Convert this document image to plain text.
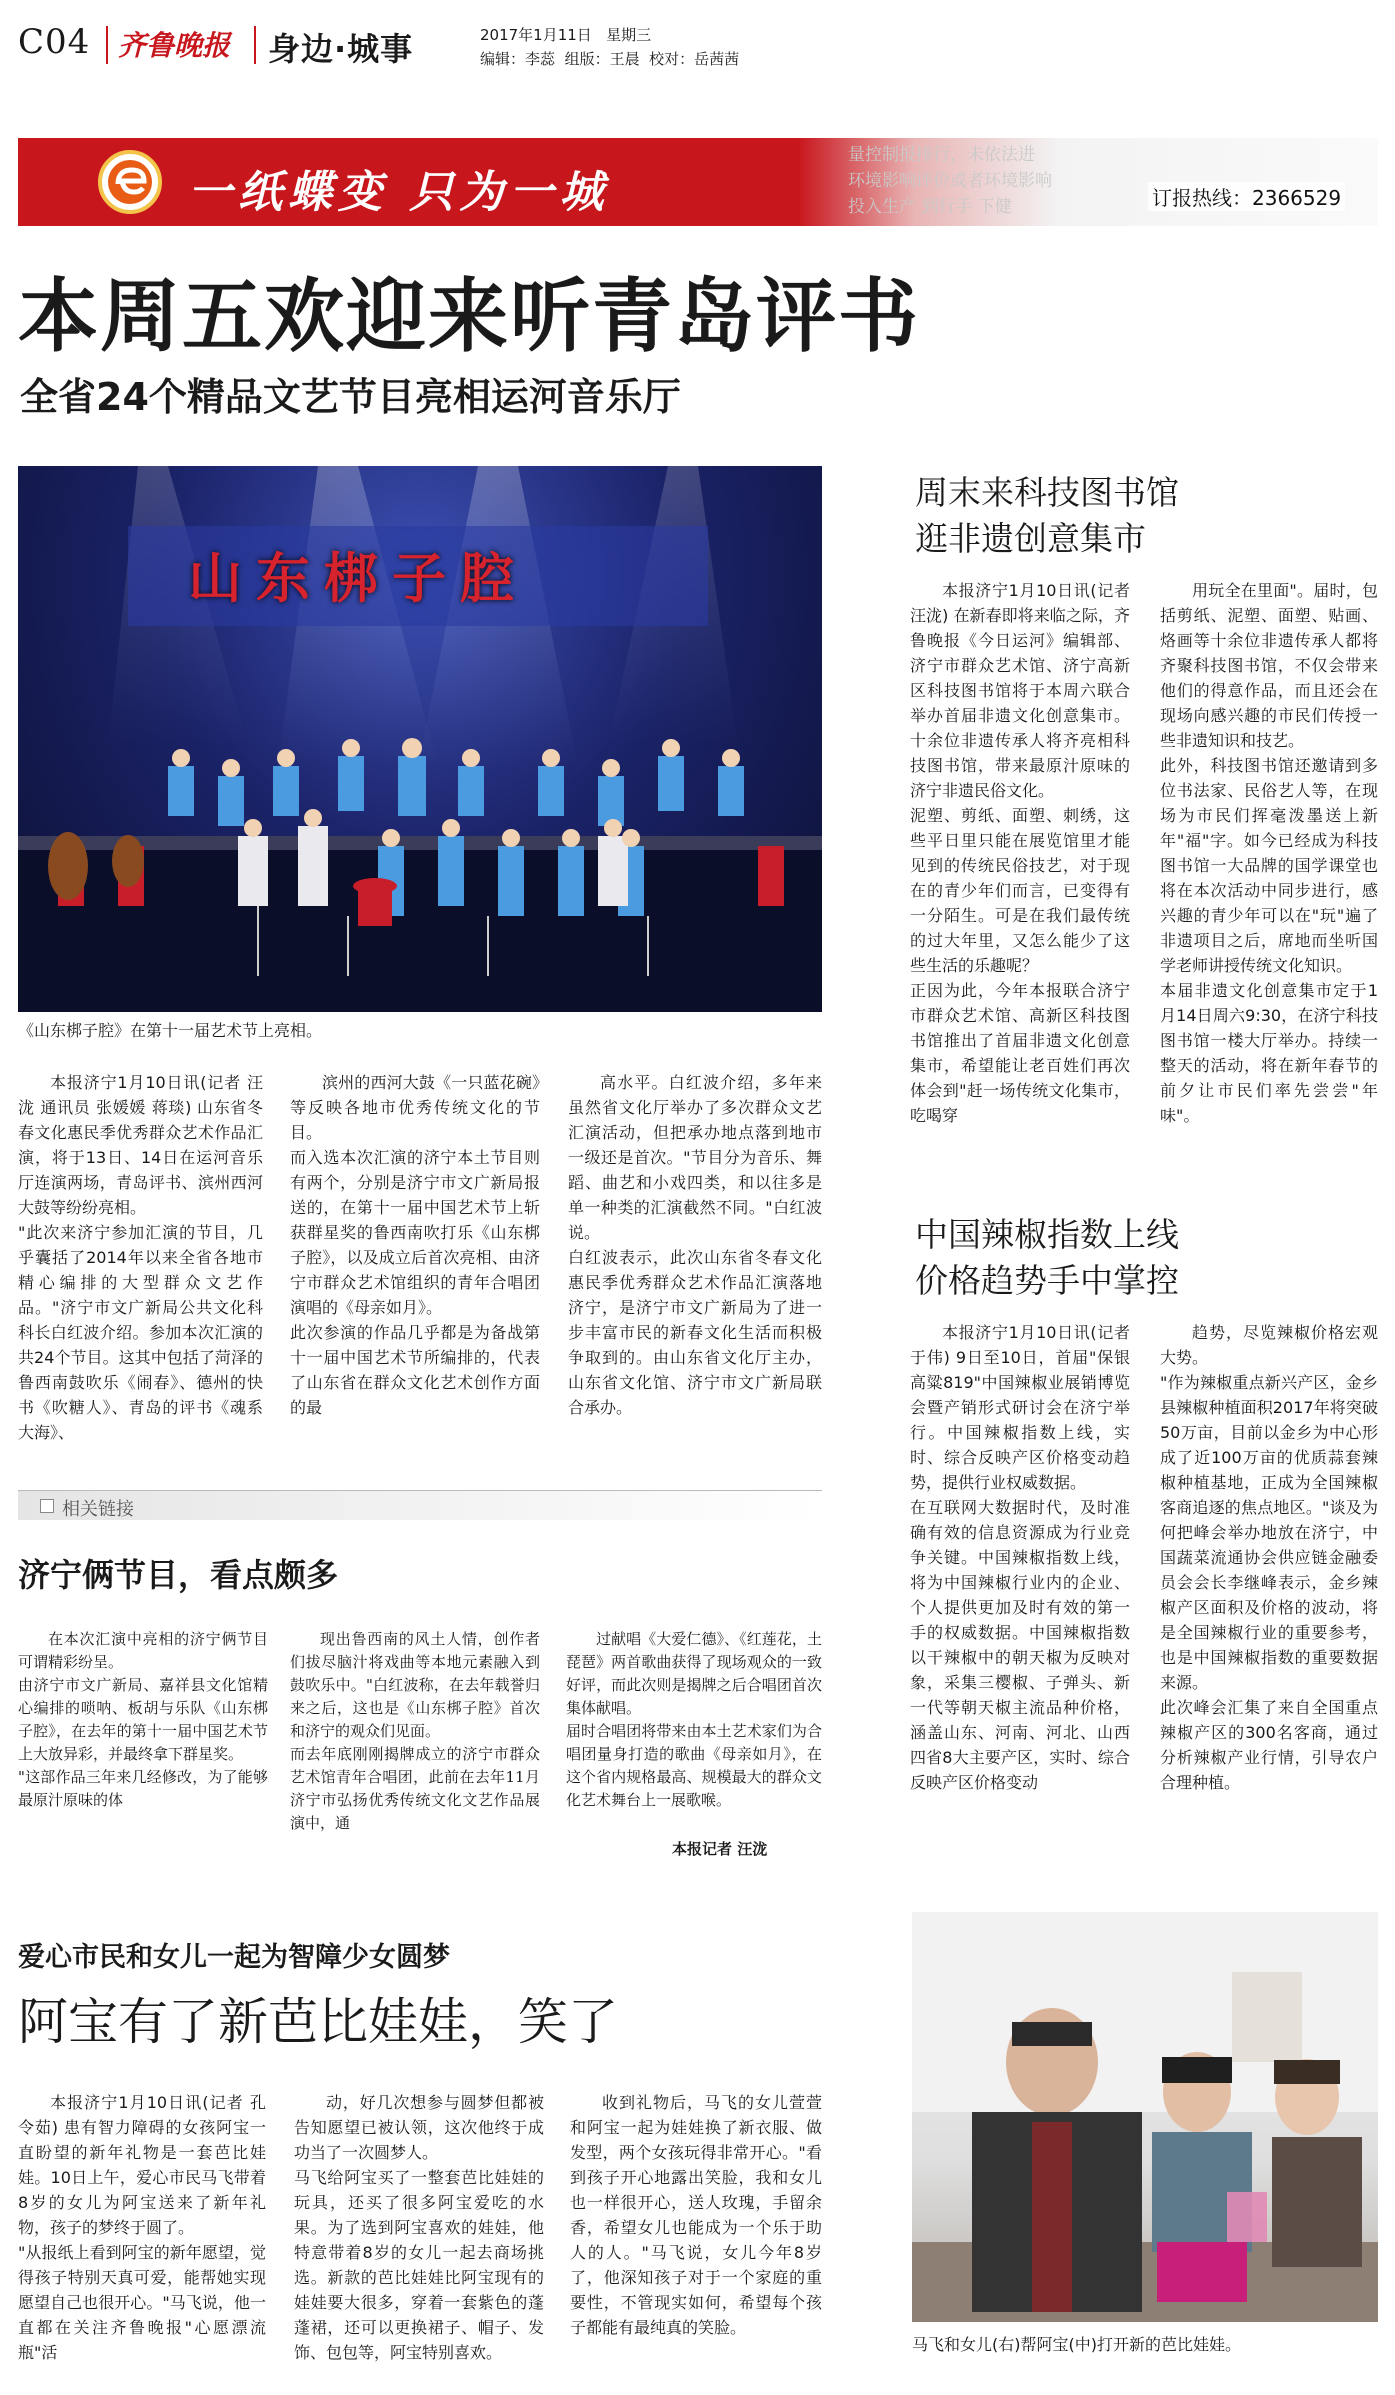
C04 齐鲁晚报 身边·城事	2017年1月11日 星期三
编辑：李蕊 组版：王晨 校对：岳茜茜
量控制报排行，未依法进
环境影响评价或者环境影响
投入生产 到行手 下健
一纸蝶变 只为一城	订报热线：2366529
本周五欢迎来听青岛评书
全省24个精品文艺节目亮相运河音乐厅
山东梆子腔
《山东梆子腔》在第十一届艺术节上亮相。
本报济宁1月10日讯(记者 汪泷 通讯员 张媛媛 蒋琰) 山东省冬春文化惠民季优秀群众艺术作品汇演，将于13日、14日在运河音乐厅连演两场，青岛评书、滨州西河大鼓等纷纷亮相。
"此次来济宁参加汇演的节目，几乎囊括了2014年以来全省各地市精心编排的大型群众文艺作品。"济宁市文广新局公共文化科科长白红波介绍。参加本次汇演的共24个节目。这其中包括了菏泽的鲁西南鼓吹乐《闹春》、德州的快书《吹糖人》、青岛的评书《魂系大海》、
滨州的西河大鼓《一只蓝花碗》等反映各地市优秀传统文化的节目。
而入选本次汇演的济宁本土节目则有两个，分别是济宁市文广新局报送的，在第十一届中国艺术节上斩获群星奖的鲁西南吹打乐《山东梆子腔》，以及成立后首次亮相、由济宁市群众艺术馆组织的青年合唱团演唱的《母亲如月》。
此次参演的作品几乎都是为备战第十一届中国艺术节所编排的，代表了山东省在群众文化艺术创作方面的最
高水平。白红波介绍，多年来虽然省文化厅举办了多次群众文艺汇演活动，但把承办地点落到地市一级还是首次。"节目分为音乐、舞蹈、曲艺和小戏四类，和以往多是单一种类的汇演截然不同。"白红波说。
白红波表示，此次山东省冬春文化惠民季优秀群众艺术作品汇演落地济宁，是济宁市文广新局为了进一步丰富市民的新春文化生活而积极争取到的。由山东省文化厅主办，山东省文化馆、济宁市文广新局联合承办。
相关链接
济宁俩节目，看点颇多
在本次汇演中亮相的济宁俩节目可谓精彩纷呈。
由济宁市文广新局、嘉祥县文化馆精心编排的唢呐、板胡与乐队《山东梆子腔》，在去年的第十一届中国艺术节上大放异彩，并最终拿下群星奖。
"这部作品三年来几经修改，为了能够最原汁原味的体
现出鲁西南的风土人情，创作者们拔尽脑汁将戏曲等本地元素融入到鼓吹乐中。"白红波称，在去年载誉归来之后，这也是《山东梆子腔》首次和济宁的观众们见面。
而去年底刚刚揭牌成立的济宁市群众艺术馆青年合唱团，此前在去年11月济宁市弘扬优秀传统文化文艺作品展演中，通
过献唱《大爱仁德》、《红莲花，土琵琶》两首歌曲获得了现场观众的一致好评，而此次则是揭牌之后合唱团首次集体献唱。
届时合唱团将带来由本土艺术家们为合唱团量身打造的歌曲《母亲如月》，在这个省内规格最高、规模最大的群众文化艺术舞台上一展歌喉。
本报记者 汪泷
周末来科技图书馆
逛非遗创意集市
本报济宁1月10日讯(记者 汪泷) 在新春即将来临之际，齐鲁晚报《今日运河》编辑部、济宁市群众艺术馆、济宁高新区科技图书馆将于本周六联合举办首届非遗文化创意集市。十余位非遗传承人将齐亮相科技图书馆，带来最原汁原味的济宁非遗民俗文化。
泥塑、剪纸、面塑、刺绣，这些平日里只能在展览馆里才能见到的传统民俗技艺，对于现在的青少年们而言，已变得有一分陌生。可是在我们最传统的过大年里，又怎么能少了这些生活的乐趣呢？
正因为此，今年本报联合济宁市群众艺术馆、高新区科技图书馆推出了首届非遗文化创意集市，希望能让老百姓们再次体会到"赶一场传统文化集市，吃喝穿
用玩全在里面"。届时，包括剪纸、泥塑、面塑、贴画、烙画等十余位非遗传承人都将齐聚科技图书馆，不仅会带来他们的得意作品，而且还会在现场向感兴趣的市民们传授一些非遗知识和技艺。
此外，科技图书馆还邀请到多位书法家、民俗艺人等，在现场为市民们挥毫泼墨送上新年"福"字。如今已经成为科技图书馆一大品牌的国学课堂也将在本次活动中同步进行，感兴趣的青少年可以在"玩"遍了非遗项目之后，席地而坐听国学老师讲授传统文化知识。
本届非遗文化创意集市定于1月14日周六9:30，在济宁科技图书馆一楼大厅举办。持续一整天的活动，将在新年春节的前夕让市民们率先尝尝"年味"。
中国辣椒指数上线
价格趋势手中掌控
本报济宁1月10日讯(记者 于伟) 9日至10日，首届"保银高粱819"中国辣椒业展销博览会暨产销形式研讨会在济宁举行。中国辣椒指数上线，实时、综合反映产区价格变动趋势，提供行业权威数据。
在互联网大数据时代，及时准确有效的信息资源成为行业竞争关键。中国辣椒指数上线，将为中国辣椒行业内的企业、个人提供更加及时有效的第一手的权威数据。中国辣椒指数以干辣椒中的朝天椒为反映对象，采集三樱椒、子弹头、新一代等朝天椒主流品种价格，涵盖山东、河南、河北、山西四省8大主要产区，实时、综合反映产区价格变动
趋势，尽览辣椒价格宏观大势。
"作为辣椒重点新兴产区，金乡县辣椒种植面积2017年将突破50万亩，目前以金乡为中心形成了近100万亩的优质蒜套辣椒种植基地，正成为全国辣椒客商追逐的焦点地区。"谈及为何把峰会举办地放在济宁，中国蔬菜流通协会供应链金融委员会会长李继峰表示，金乡辣椒产区面积及价格的波动，将是全国辣椒行业的重要参考，也是中国辣椒指数的重要数据来源。
此次峰会汇集了来自全国重点辣椒产区的300名客商，通过分析辣椒产业行情，引导农户合理种植。
爱心市民和女儿一起为智障少女圆梦
阿宝有了新芭比娃娃，笑了
本报济宁1月10日讯(记者 孔令茹) 患有智力障碍的女孩阿宝一直盼望的新年礼物是一套芭比娃娃。10日上午，爱心市民马飞带着8岁的女儿为阿宝送来了新年礼物，孩子的梦终于圆了。
"从报纸上看到阿宝的新年愿望，觉得孩子特别天真可爱，能帮她实现愿望自己也很开心。"马飞说，他一直都在关注齐鲁晚报"心愿漂流瓶"活
动，好几次想参与圆梦但都被告知愿望已被认领，这次他终于成功当了一次圆梦人。
马飞给阿宝买了一整套芭比娃娃的玩具，还买了很多阿宝爱吃的水果。为了选到阿宝喜欢的娃娃，他特意带着8岁的女儿一起去商场挑选。新款的芭比娃娃比阿宝现有的娃娃要大很多，穿着一套紫色的蓬蓬裙，还可以更换裙子、帽子、发饰、包包等，阿宝特别喜欢。
收到礼物后，马飞的女儿萱萱和阿宝一起为娃娃换了新衣服、做发型，两个女孩玩得非常开心。"看到孩子开心地露出笑脸，我和女儿也一样很开心，送人玫瑰，手留余香，希望女儿也能成为一个乐于助人的人。"马飞说，女儿今年8岁了，他深知孩子对于一个家庭的重要性，不管现实如何，希望每个孩子都能有最纯真的笑脸。
马飞和女儿(右)帮阿宝(中)打开新的芭比娃娃。
